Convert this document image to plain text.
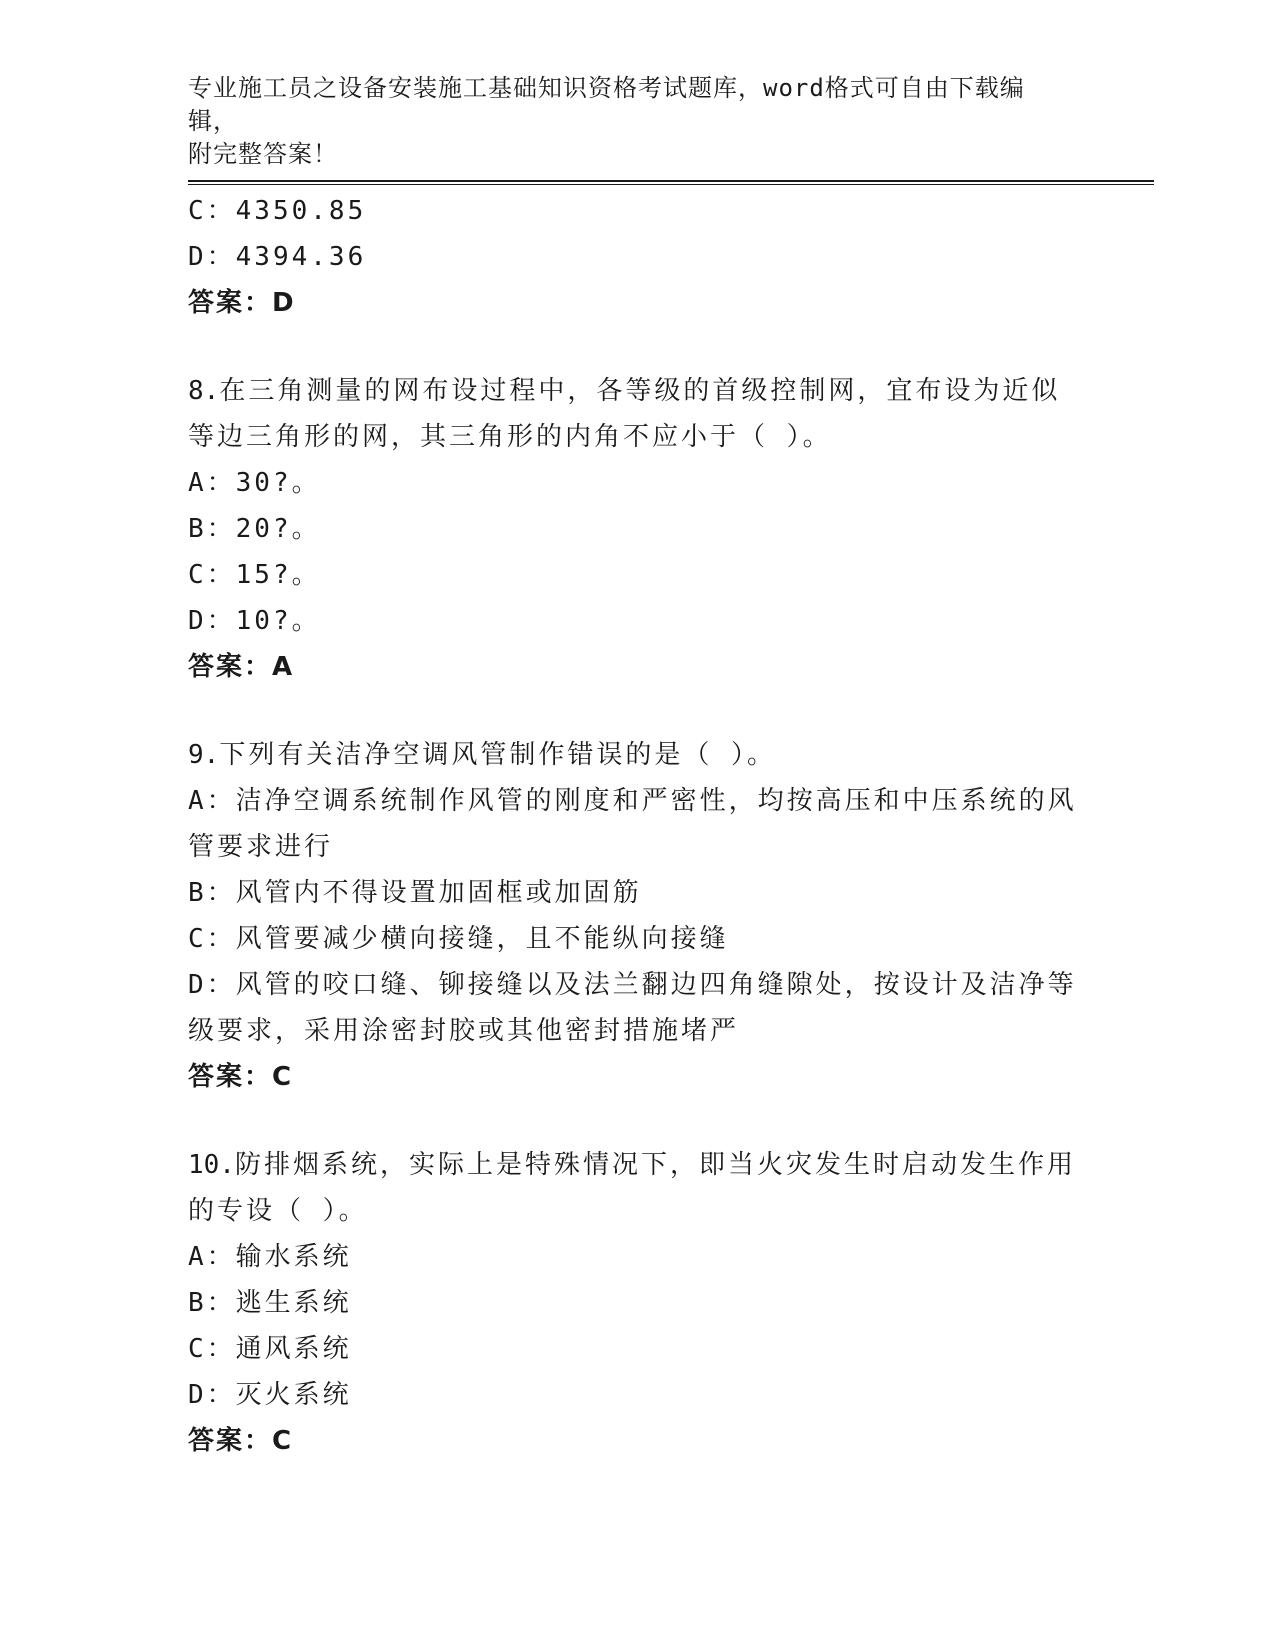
专业施工员之设备安装施工基础知识资格考试题库，word格式可自由下载编辑，
附完整答案！
C：4350.85
D：4394.36
答案：D
8.在三角测量的网布设过程中，各等级的首级控制网，宜布设为近似
等边三角形的网，其三角形的内角不应小于（ ）。
A：30?。
B：20?。
C：15?。
D：10?。
答案：A
9.下列有关洁净空调风管制作错误的是（ ）。
A：洁净空调系统制作风管的刚度和严密性，均按高压和中压系统的风
管要求进行
B：风管内不得设置加固框或加固筋
C：风管要减少横向接缝，且不能纵向接缝
D：风管的咬口缝、铆接缝以及法兰翻边四角缝隙处，按设计及洁净等
级要求，采用涂密封胶或其他密封措施堵严
答案：C
10.防排烟系统，实际上是特殊情况下，即当火灾发生时启动发生作用
的专设（ ）。
A：输水系统
B：逃生系统
C：通风系统
D：灭火系统
答案：C
